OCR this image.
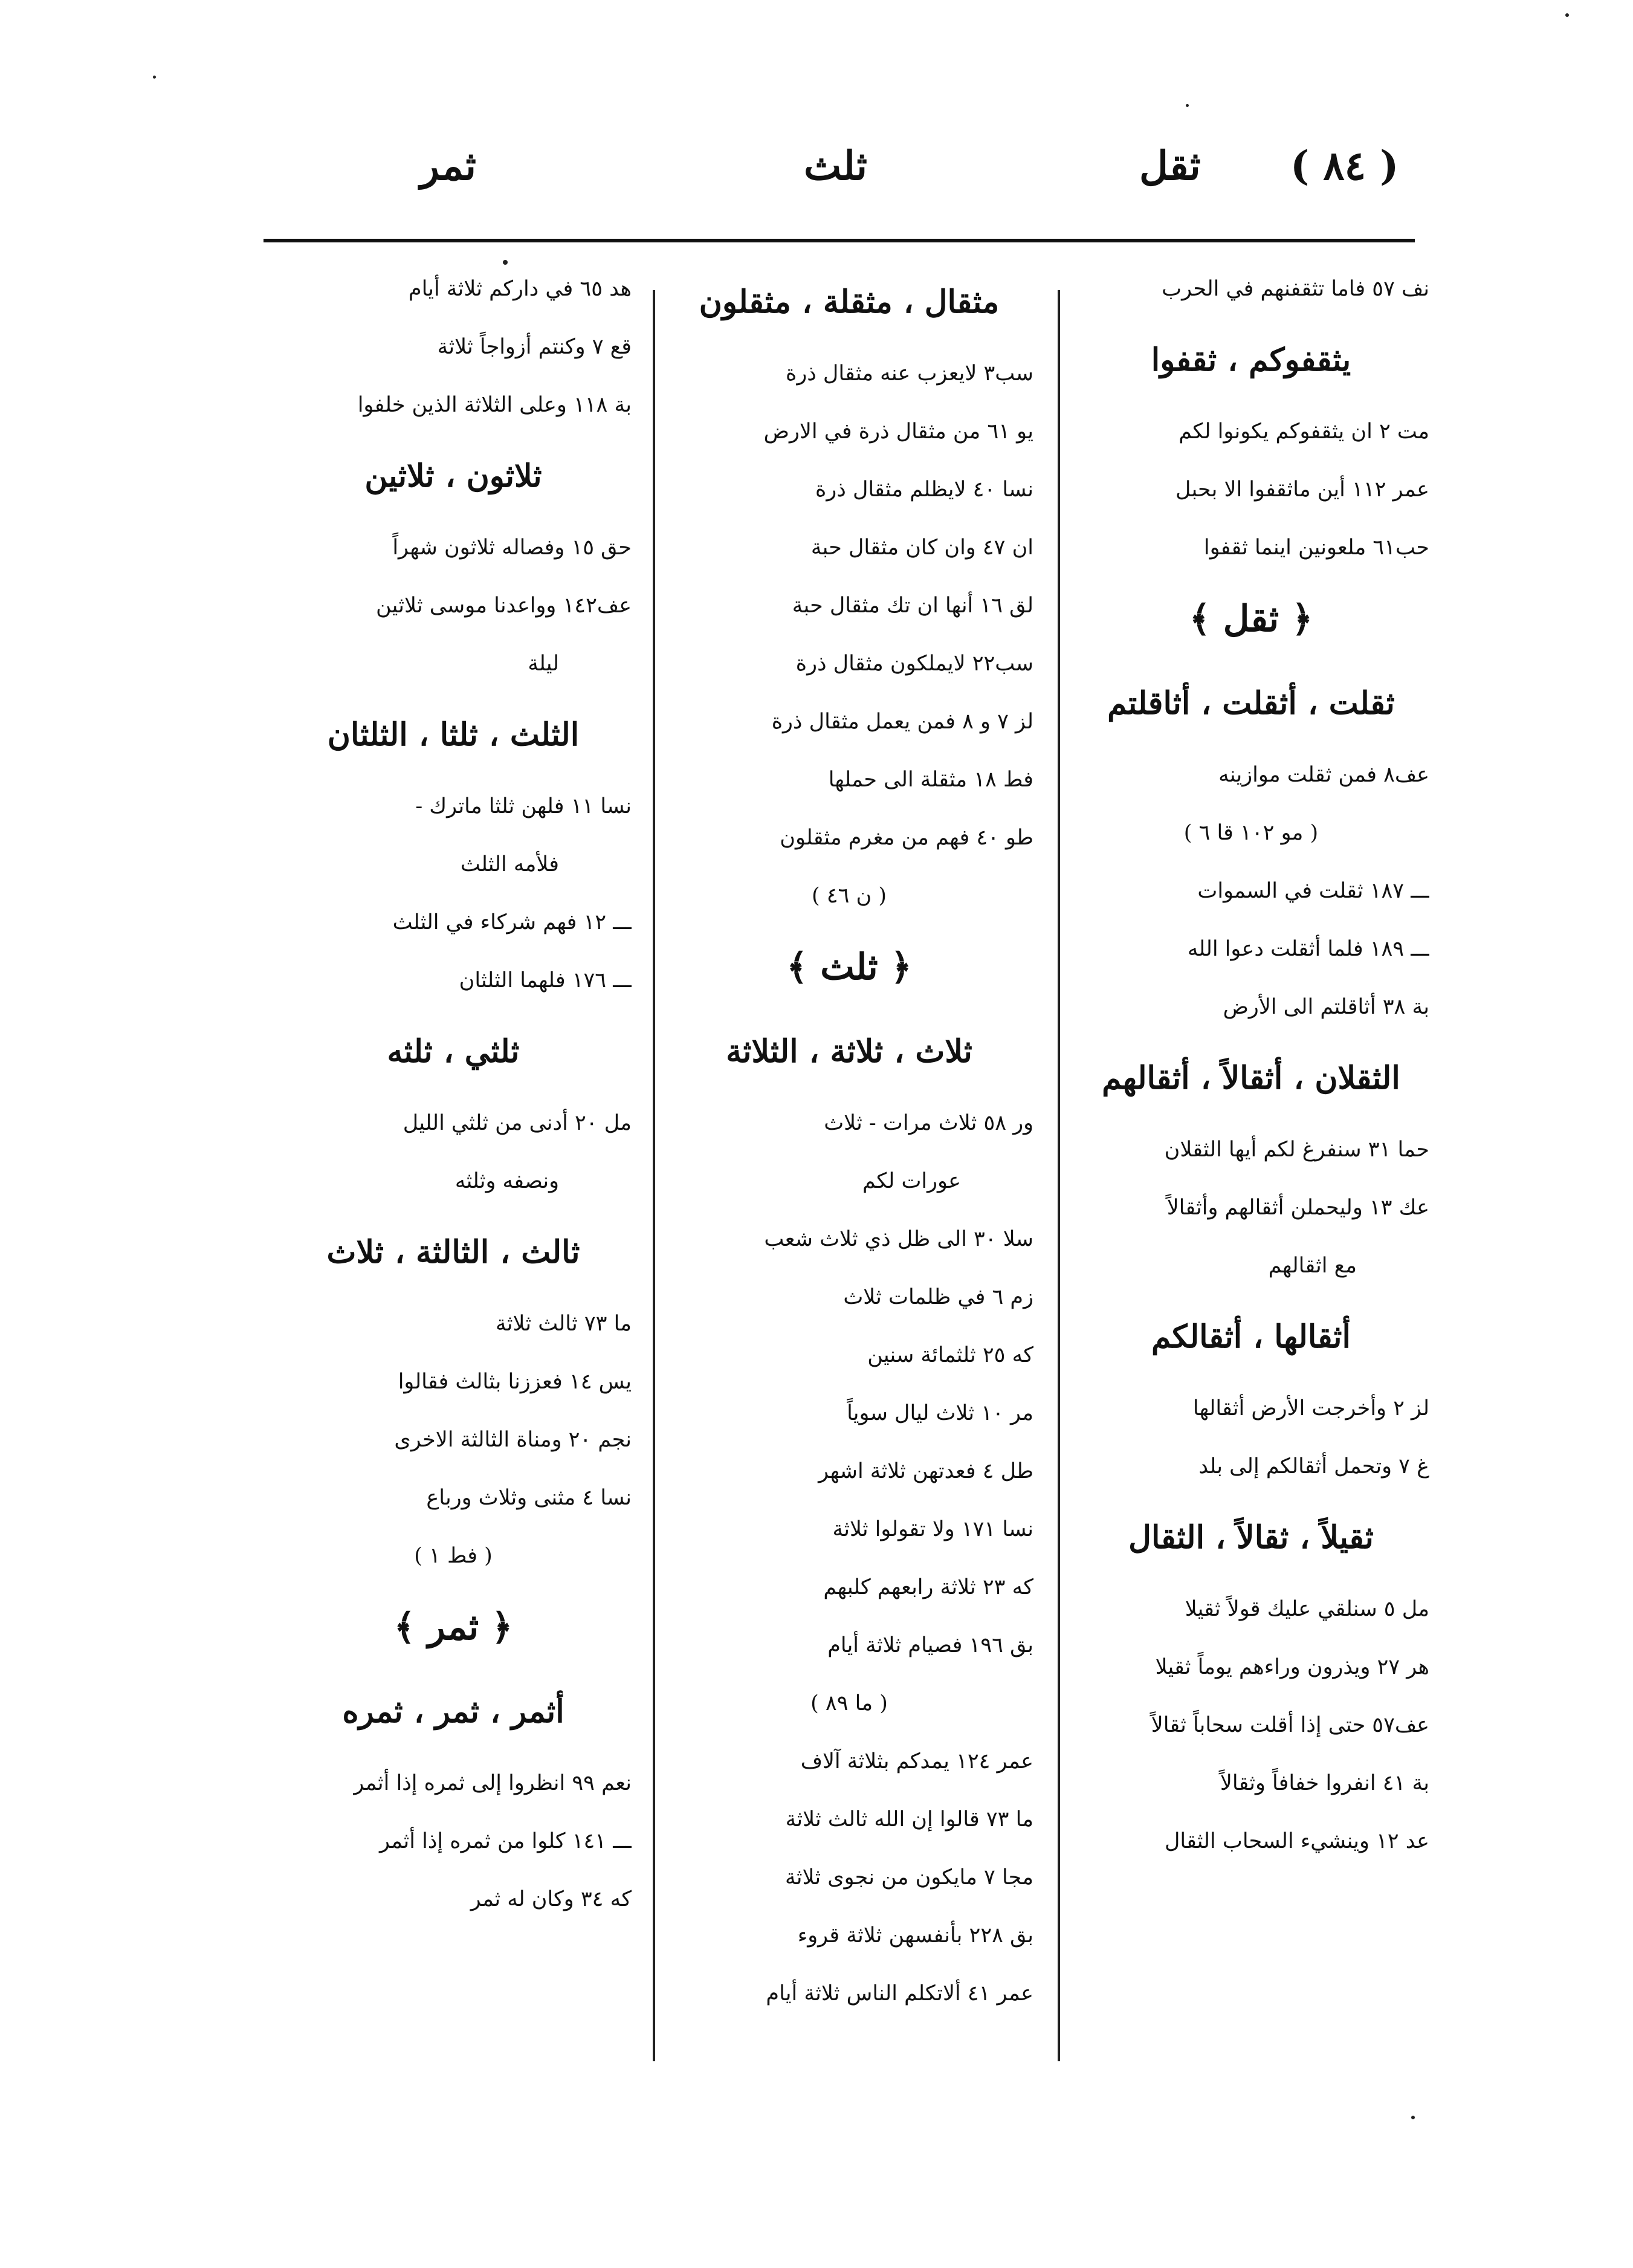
( ٨٤ )
ثقل
ثلث
ثمر
نف ٥٧ فاما تثقفنهم في الحرب
يثقفوكم ، ثقفوا
مت ٢ ان يثقفوكم يكونوا لكم
عمر ١١٢ أين ماثقفوا الا بحبل
حب٦١ ملعونين اينما ثقفوا
﴿ ثقل ﴾
ثقلت ، أثقلت ، أثاقلتم
عف٨ فمن ثقلت موازينه
( مو ١٠٢ قا ٦ )
ـــ ١٨٧ ثقلت في السموات
ـــ ١٨٩ فلما أثقلت دعوا الله
بة ٣٨ أثاقلتم الى الأرض
الثقلان ، أثقالاً ، أثقالهم
حما ٣١ سنفرغ لكم أيها الثقلان
عك ١٣ وليحملن أثقالهم وأثقالاً
مع اثقالهم
أثقالها ، أثقالكم
لز ٢ وأخرجت الأرض أثقالها
غ ٧ وتحمل أثقالكم إلى بلد
ثقيلاً ، ثقالاً ، الثقال
مل ٥ سنلقي عليك قولاً ثقيلا
هر ٢٧ ويذرون وراءهم يوماً ثقيلا
عف٥٧ حتى إذا أقلت سحاباً ثقالاً
بة ٤١ انفروا خفافاً وثقالاً
عد ١٢ وينشيء السحاب الثقال
مثقال ، مثقلة ، مثقلون
سب٣ لايعزب عنه مثقال ذرة
يو ٦١ من مثقال ذرة في الارض
نسا ٤٠ لايظلم مثقال ذرة
ان ٤٧ وان كان مثقال حبة
لق ١٦ أنها ان تك مثقال حبة
سب٢٢ لايملكون مثقال ذرة
لز ٧ و ٨ فمن يعمل مثقال ذرة
فط ١٨ مثقلة الى حملها
طو ٤٠ فهم من مغرم مثقلون
( ن ٤٦ )
﴿ ثلث ﴾
ثلاث ، ثلاثة ، الثلاثة
ور ٥٨ ثلاث مرات - ثلاث
عورات لكم
سلا ٣٠ الى ظل ذي ثلاث شعب
زم ٦ في ظلمات ثلاث
كه ٢٥ ثلثمائة سنين
مر ١٠ ثلاث ليال سوياً
طل ٤ فعدتهن ثلاثة اشهر
نسا ١٧١ ولا تقولوا ثلاثة
كه ٢٣ ثلاثة رابعهم كلبهم
بق ١٩٦ فصيام ثلاثة أيام
( ما ٨٩ )
عمر ١٢٤ يمدكم بثلاثة آلاف
ما ٧٣ قالوا إن الله ثالث ثلاثة
مجا ٧ مايكون من نجوى ثلاثة
بق ٢٢٨ بأنفسهن ثلاثة قروء
عمر ٤١ ألاتكلم الناس ثلاثة أيام
هد ٦٥ في داركم ثلاثة أيام
قع ٧ وكنتم أزواجاً ثلاثة
بة ١١٨ وعلى الثلاثة الذين خلفوا
ثلاثون ، ثلاثين
حق ١٥ وفصاله ثلاثون شهراً
عف١٤٢ وواعدنا موسى ثلاثين
ليلة
الثلث ، ثلثا ، الثلثان
نسا ١١ فلهن ثلثا ماترك -
فلأمه الثلث
ـــ ١٢ فهم شركاء في الثلث
ـــ ١٧٦ فلهما الثلثان
ثلثي ، ثلثه
مل ٢٠ أدنى من ثلثي الليل
ونصفه وثلثه
ثالث ، الثالثة ، ثلاث
ما ٧٣ ثالث ثلاثة
يس ١٤ فعززنا بثالث فقالوا
نجم ٢٠ ومناة الثالثة الاخرى
نسا ٤ مثنى وثلاث ورباع
( فط ١ )
﴿ ثمر ﴾
أثمر ، ثمر ، ثمره
نعم ٩٩ انظروا إلى ثمره إذا أثمر
ـــ ١٤١ كلوا من ثمره إذا أثمر
كه ٣٤ وكان له ثمر
